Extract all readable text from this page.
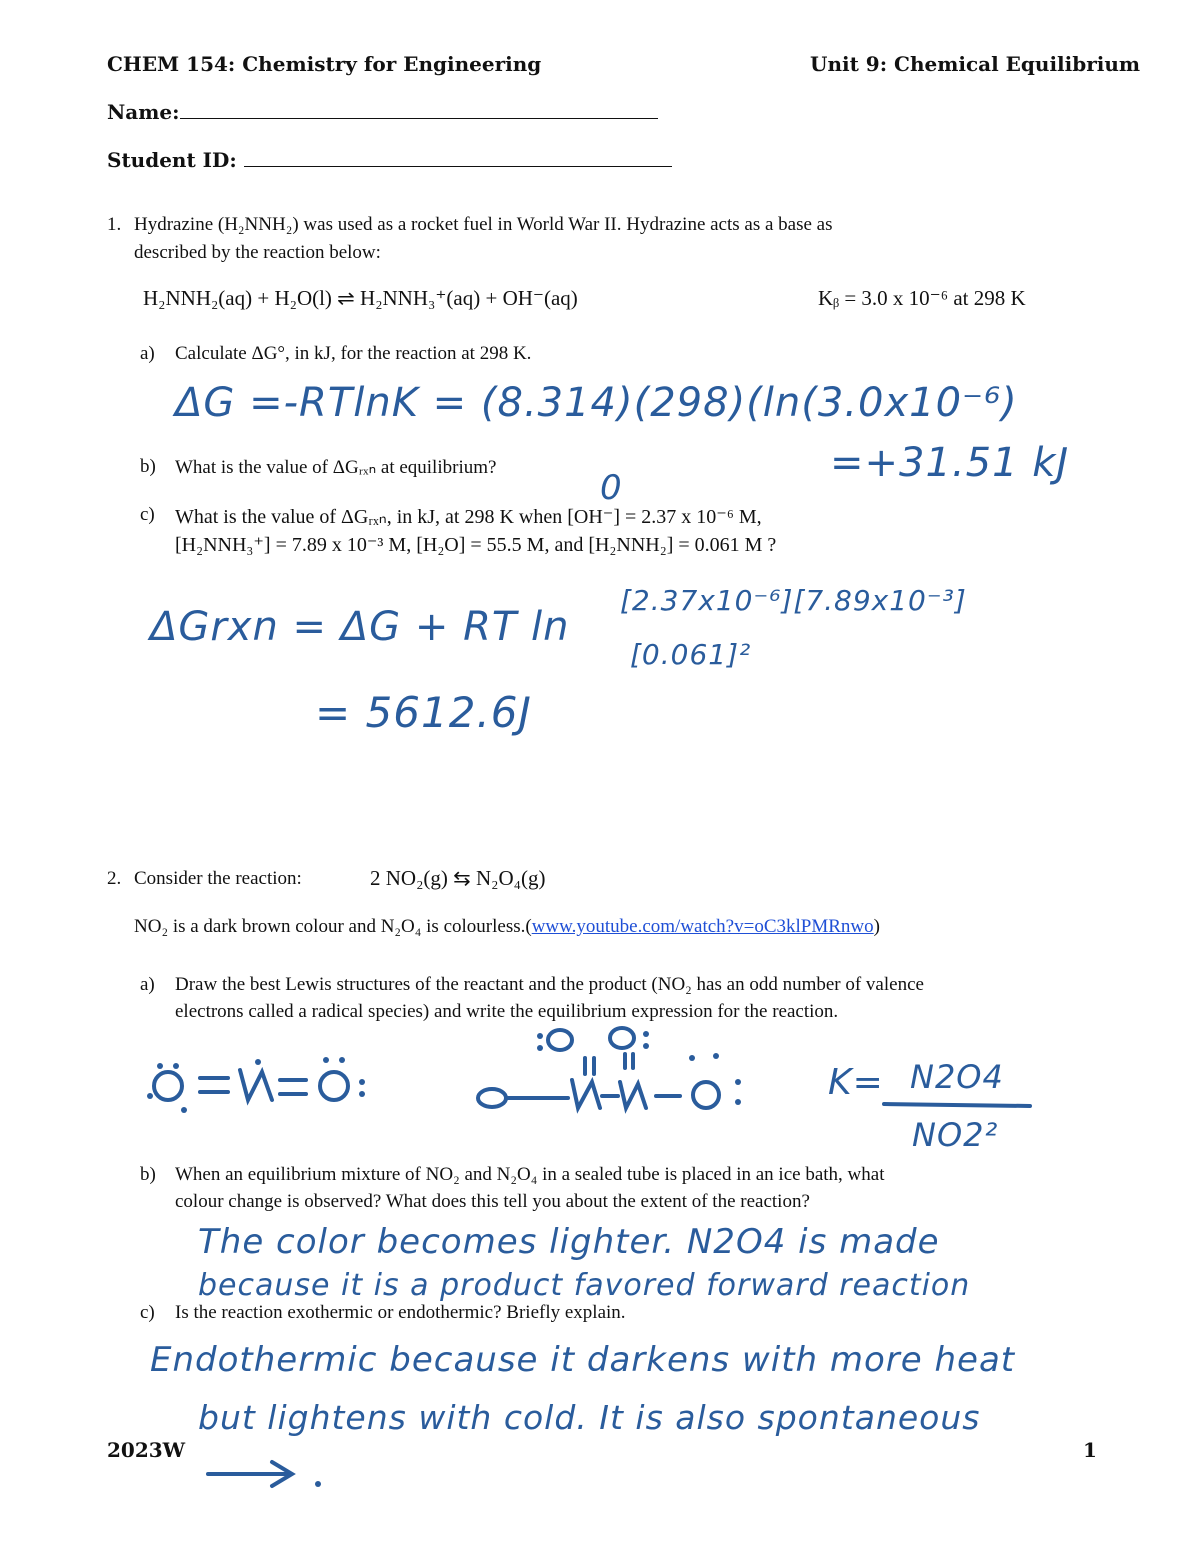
CHEM 154: Chemistry for Engineering	Unit 9: Chemical Equilibrium
Name:
Student ID:
1. Hydrazine (H₂NNH₂) was used as a rocket fuel in World War II. Hydrazine acts as a base as
described by the reaction below:
H₂NNH₂(aq) + H₂O(l) ⇌ H₂NNH₃⁺(aq) + OH⁻(aq)	Kᵦ = 3.0 x 10⁻⁶ at 298 K
a) Calculate ΔG°, in kJ, for the reaction at 298 K.
b) What is the value of ΔGᵣₓₙ at equilibrium?
c) What is the value of ΔGᵣₓₙ, in kJ, at 298 K when [OH⁻] = 2.37 x 10⁻⁶ M,
[H₂NNH₃⁺] = 7.89 x 10⁻³ M, [H₂O] = 55.5 M, and [H₂NNH₂] = 0.061 M ?
ΔG =-RTlnK = (8.314)(298)(ln(3.0x10⁻⁶)
=+31.51 kJ
0
ΔGrxn = ΔG + RT ln
[2.37x10⁻⁶][7.89x10⁻³]
[0.061]²
= 5612.6J
2. Consider the reaction:	2 NO₂(g) ⇆ N₂O₄(g)
NO₂ is a dark brown colour and N₂O₄ is colourless.(www.youtube.com/watch?v=oC3klPMRnwo)
a) Draw the best Lewis structures of the reactant and the product (NO₂ has an odd number of valence
electrons called a radical species) and write the equilibrium expression for the reaction.
b) When an equilibrium mixture of NO₂ and N₂O₄ in a sealed tube is placed in an ice bath, what
colour change is observed? What does this tell you about the extent of the reaction?
c) Is the reaction exothermic or endothermic? Briefly explain.
K= N2O4
NO2²
The color becomes lighter. N2O4 is made
because it is a product favored forward reaction
Endothermic because it darkens with more heat
but lightens with cold. It is also spontaneous
2023W	1
